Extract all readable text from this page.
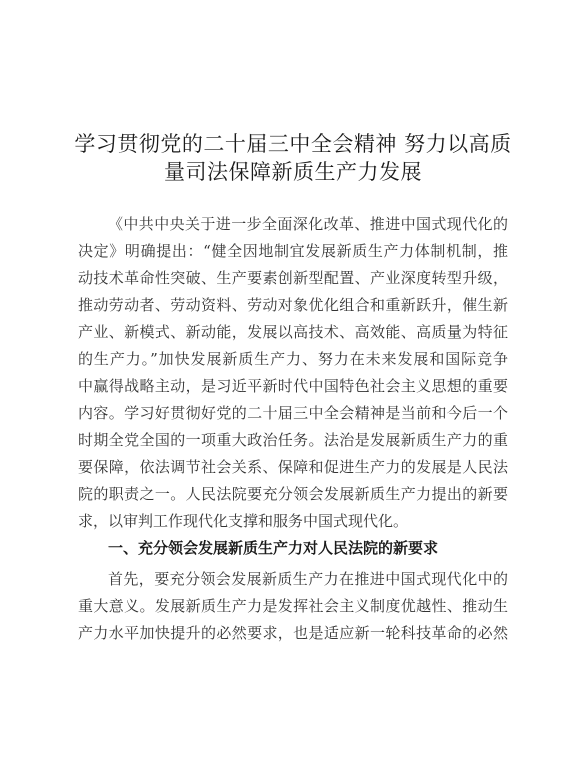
学习贯彻党的二十届三中全会精神 努力以高质
量司法保障新质生产力发展
《中共中央关于进一步全面深化改革、推进中国式现代化的
决定》明确提出：“健全因地制宜发展新质生产力体制机制，推
动技术革命性突破、生产要素创新型配置、产业深度转型升级，
推动劳动者、劳动资料、劳动对象优化组合和重新跃升，催生新
产业、新模式、新动能，发展以高技术、高效能、高质量为特征
的生产力。”加快发展新质生产力、努力在未来发展和国际竞争
中赢得战略主动，是习近平新时代中国特色社会主义思想的重要
内容。学习好贯彻好党的二十届三中全会精神是当前和今后一个
时期全党全国的一项重大政治任务。法治是发展新质生产力的重
要保障，依法调节社会关系、保障和促进生产力的发展是人民法
院的职责之一。人民法院要充分领会发展新质生产力提出的新要
求，以审判工作现代化支撑和服务中国式现代化。
一、充分领会发展新质生产力对人民法院的新要求
首先，要充分领会发展新质生产力在推进中国式现代化中的
重大意义。发展新质生产力是发挥社会主义制度优越性、推动生
产力水平加快提升的必然要求，也是适应新一轮科技革命的必然
